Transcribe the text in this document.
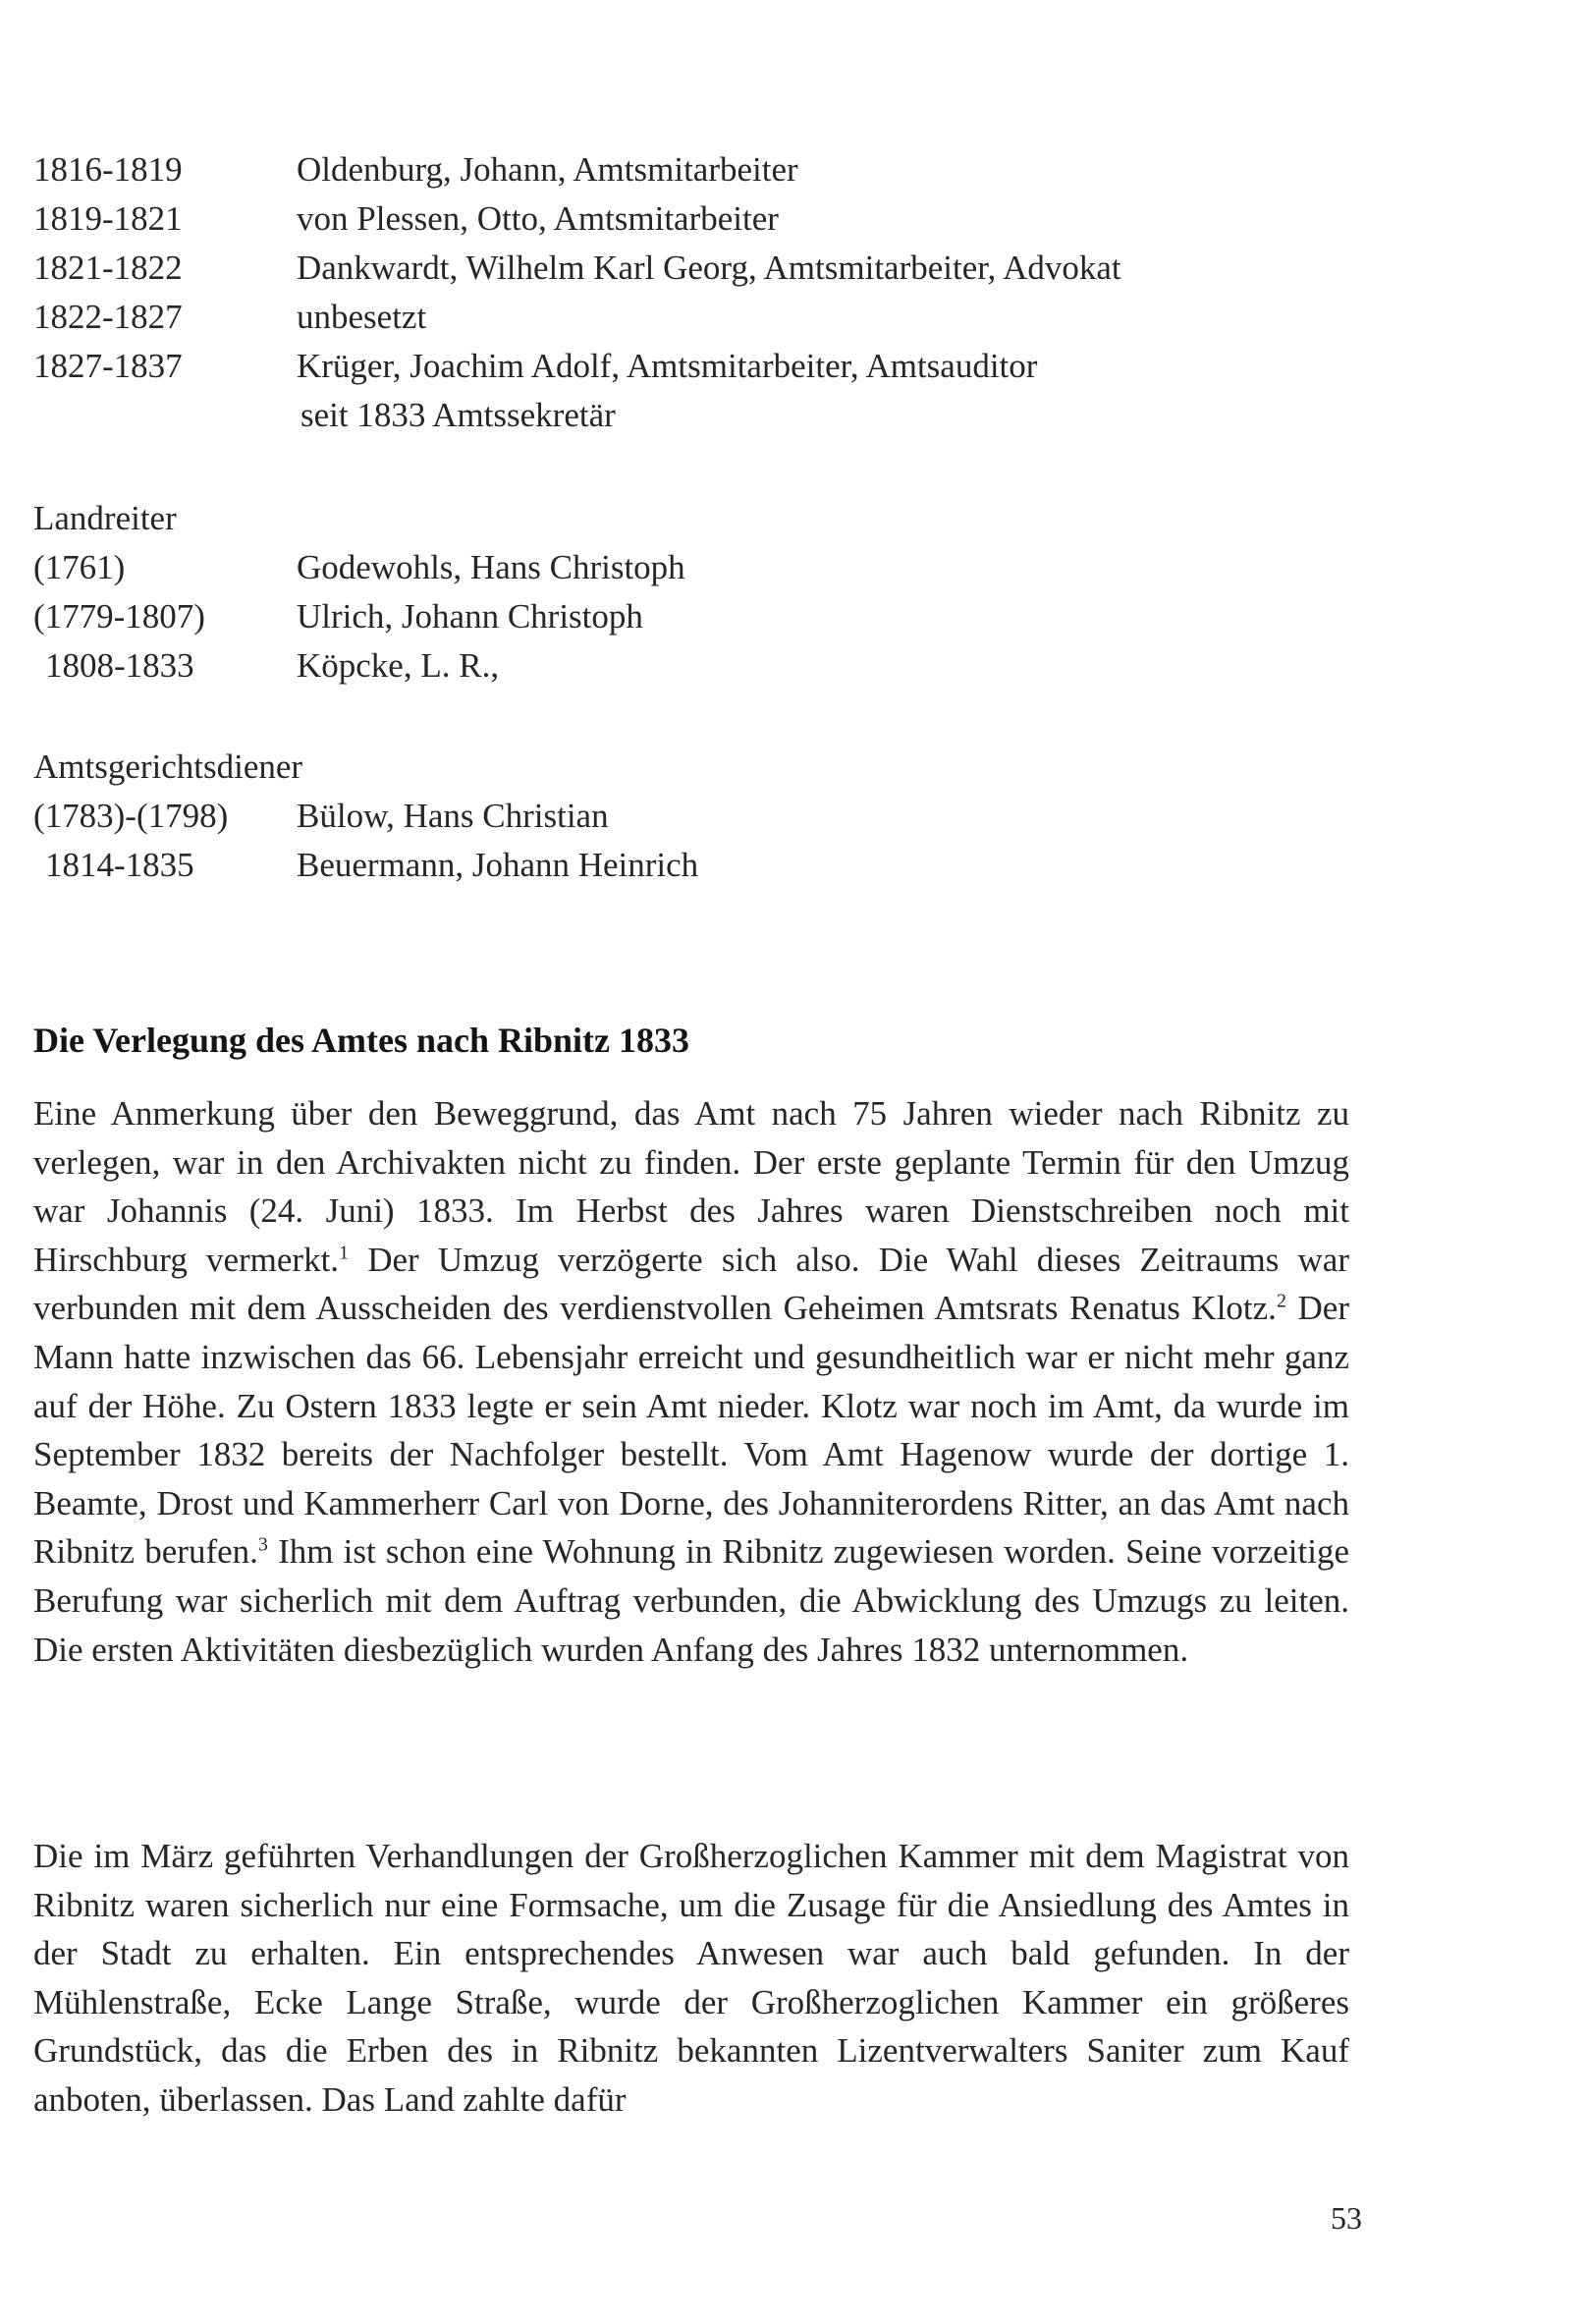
1816-1819	Oldenburg, Johann, Amtsmitarbeiter
1819-1821	von Plessen, Otto, Amtsmitarbeiter
1821-1822	Dankwardt, Wilhelm Karl Georg, Amtsmitarbeiter, Advokat
1822-1827	unbesetzt
1827-1837	Krüger, Joachim Adolf, Amtsmitarbeiter, Amtsauditor
seit 1833 Amtssekretär
Landreiter
(1761)	Godewohls, Hans Christoph
(1779-1807)	Ulrich, Johann Christoph
1808-1833	Köpcke, L. R.,
Amtsgerichtsdiener
(1783)-(1798)	Bülow, Hans Christian
1814-1835	Beuermann, Johann Heinrich
Die Verlegung des Amtes nach Ribnitz 1833

Eine Anmerkung über den Beweggrund, das Amt nach 75 Jahren wieder nach Ribnitz zu verlegen, war in den Archivakten nicht zu finden. Der erste geplante Termin für den Umzug war Johannis (24. Juni) 1833. Im Herbst des Jahres waren Dienstschreiben noch mit Hirschburg vermerkt.$^1$ Der Umzug verzögerte sich also. Die Wahl dieses Zeitraums war verbunden mit dem Ausscheiden des verdienstvollen Geheimen Amtsrats Renatus Klotz.$^2$ Der Mann hatte inzwischen das 66. Lebensjahr erreicht und gesundheitlich war er nicht mehr ganz auf der Höhe. Zu Ostern 1833 legte er sein Amt nieder. Klotz war noch im Amt, da wurde im September 1832 bereits der Nachfolger bestellt. Vom Amt Hagenow wurde der dortige 1. Beamte, Drost und Kammerherr Carl von Dorne, des Johanniterordens Ritter, an das Amt nach Ribnitz berufen.$^3$ Ihm ist schon eine Wohnung in Ribnitz zugewiesen worden. Seine vorzeitige Berufung war sicherlich mit dem Auftrag verbunden, die Abwicklung des Umzugs zu leiten. Die ersten Aktivitäten diesbezüglich wurden Anfang des Jahres 1832 unternommen.

Die im März geführten Verhandlungen der Großherzoglichen Kammer mit dem Magistrat von Ribnitz waren sicherlich nur eine Formsache, um die Zusage für die Ansiedlung des Amtes in der Stadt zu erhalten. Ein entsprechendes Anwesen war auch bald gefunden. In der Mühlenstraße, Ecke Lange Straße, wurde der Großherzoglichen Kammer ein größeres Grundstück, das die Erben des in Ribnitz bekannten Lizentverwalters Saniter zum Kauf anboten, überlassen. Das Land zahlte dafür

53
